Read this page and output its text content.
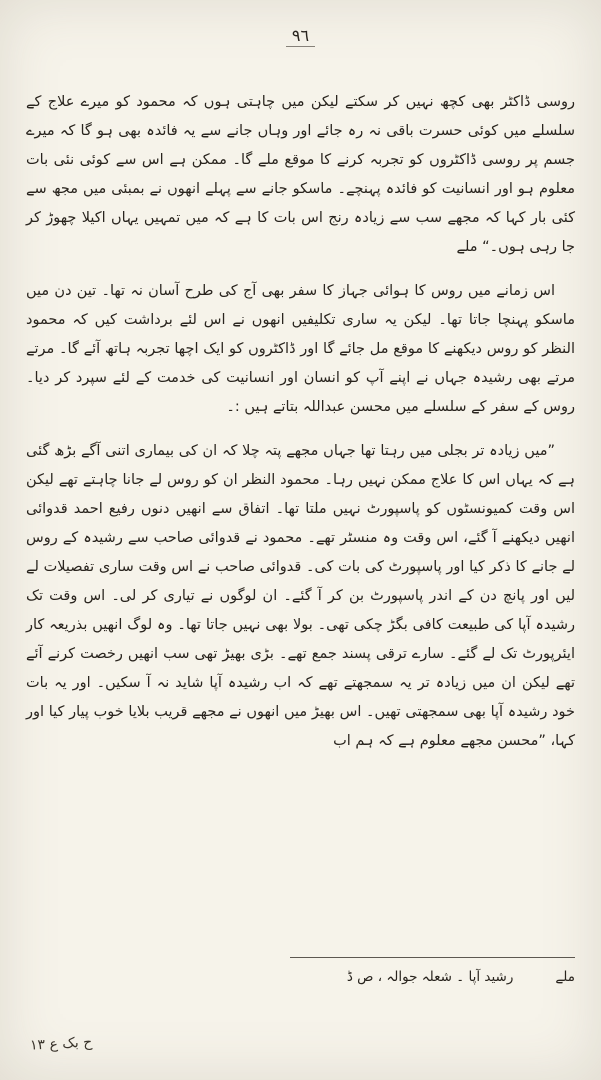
٩٦

روسی ڈاکٹر بھی کچھ نہیں کر سکتے لیکن میں چاہتی ہوں کہ محمود کو میرے علاج کے سلسلے میں کوئی حسرت باقی نہ رہ جائے اور وہاں جانے سے یہ فائدہ بھی ہو گا کہ میرے جسم پر روسی ڈاکٹروں کو تجربہ کرنے کا موقع ملے گا۔ ممکن ہے اس سے کوئی نئی بات معلوم ہو اور انسانیت کو فائدہ پہنچے۔ ماسکو جانے سے پہلے انھوں نے بمبئی میں مجھ سے کئی بار کہا کہ مجھے سب سے زیادہ رنج اس بات کا ہے کہ میں تمہیں یہاں اکیلا چھوڑ کر جا رہی ہوں۔“ ملے

اس زمانے میں روس کا ہوائی جہاز کا سفر بھی آج کی طرح آسان نہ تھا۔ تین دن میں ماسکو پہنچا جاتا تھا۔ لیکن یہ ساری تکلیفیں انھوں نے اس لئے برداشت کیں کہ محمود النظر کو روس دیکھنے کا موقع مل جائے گا اور ڈاکٹروں کو ایک اچھا تجربہ ہاتھ آئے گا۔ مرتے مرتے بھی رشیدہ جہاں نے اپنے آپ کو انسان اور انسانیت کی خدمت کے لئے سپرد کر دیا۔ روس کے سفر کے سلسلے میں محسن عبداللہ بتاتے ہیں :۔

”میں زیادہ تر بجلی میں رہتا تھا جہاں مجھے پتہ چلا کہ ان کی بیماری اتنی آگے بڑھ گئی ہے کہ یہاں اس کا علاج ممکن نہیں رہا۔ محمود النظر ان کو روس لے جانا چاہتے تھے لیکن اس وقت کمیونسٹوں کو پاسپورٹ نہیں ملتا تھا۔ اتفاق سے انھیں دنوں رفیع احمد قدوائی انھیں دیکھنے آ گئے، اس وقت وہ منسٹر تھے۔ محمود نے قدوائی صاحب سے رشیدہ کے روس لے جانے کا ذکر کیا اور پاسپورٹ کی بات کی۔ قدوائی صاحب نے اس وقت ساری تفصیلات لے لیں اور پانچ دن کے اندر پاسپورٹ بن کر آ گئے۔ ان لوگوں نے تیاری کر لی۔ اس وقت تک رشیدہ آپا کی طبیعت کافی بگڑ چکی تھی۔ بولا بھی نہیں جاتا تھا۔ وہ لوگ انھیں بذریعہ کار ایئرپورٹ تک لے گئے۔ سارے ترقی پسند جمع تھے۔ بڑی بھیڑ تھی سب انھیں رخصت کرنے آئے تھے لیکن ان میں زیادہ تر یہ سمجھتے تھے کہ اب رشیدہ آپا شاید نہ آ سکیں۔ اور یہ بات خود رشیدہ آپا بھی سمجھتی تھیں۔ اس بھیڑ میں انھوں نے مجھے قریب بلایا خوب پیار کیا اور کہا، ”محسن مجھے معلوم ہے کہ ہم اب

ملے
رشید آپا ۔ شعلہ جوالہ ، ص ڈ
ح بک ع ۱۳
